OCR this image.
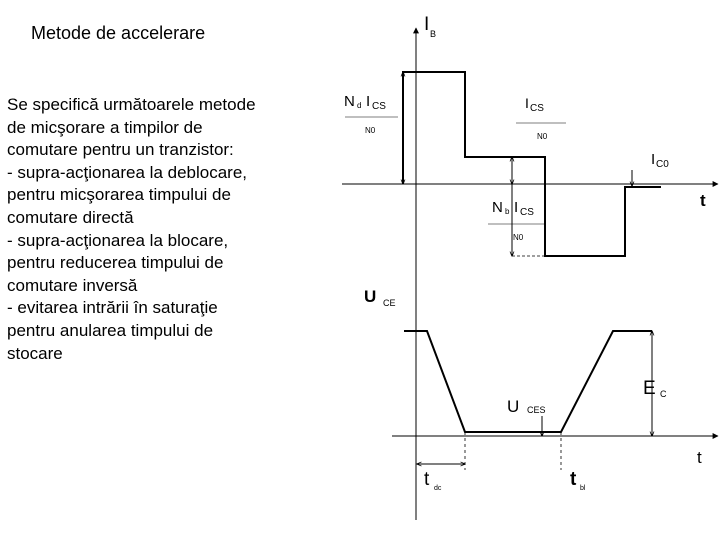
Metode de accelerare
Se specifică următoarele metode
de micşorare a timpilor de
comutare pentru un tranzistor:
- supra-acţionarea la deblocare,
pentru micşorarea timpului de
comutare directă
- supra-acţionarea la blocare,
pentru reducerea timpului de
comutare inversă
- evitarea intrării în saturaţie
pentru anularea timpului de
stocare
I B
t
N d I CS
N0
I CS
N0
I C0
N b I CS
N0
U CE
t
U CES
E C
t dc	t bl
